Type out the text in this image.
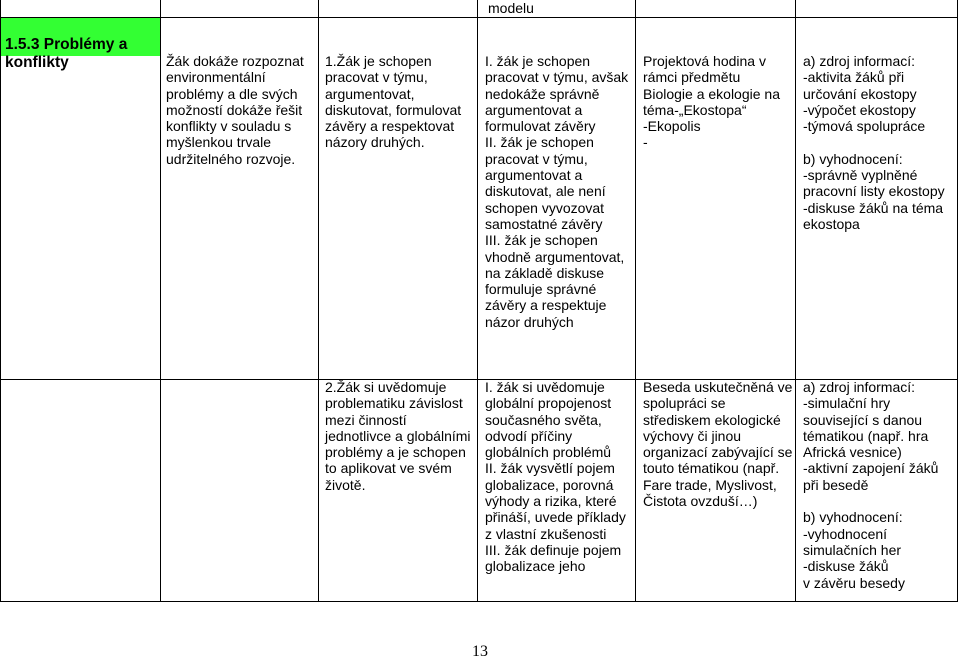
modelu

1.5.3 Problémy a konflikty	Žák dokáže rozpoznat environmentální problémy a dle svých možností dokáže řešit konflikty v souladu s myšlenkou trvale udržitelného rozvoje.
1.Žák je schopen pracovat v týmu, argumentovat, diskutovat, formulovat závěry a respektovat názory druhých.
I. žák je schopen pracovat v týmu, avšak nedokáže správně argumentovat a formulovat závěry
II. žák je schopen pracovat v týmu, argumentovat a diskutovat, ale není schopen vyvozovat samostatné závěry
III. žák je schopen vhodně argumentovat, na základě diskuse formuluje správné závěry a respektuje názor druhých
Projektová hodina v rámci předmětu Biologie a ekologie na téma-„Ekostopa“
-Ekopolis
-
a) zdroj informací:
-aktivita žáků při určování ekostopy
-výpočet ekostopy
-týmová spolupráce

b) vyhodnocení:
-správně vyplněné pracovní listy ekostopy
-diskuse žáků na téma ekostopa
2.Žák si uvědomuje problematiku závislost mezi činností jednotlivce a globálními problémy a je schopen to aplikovat ve svém životě.
I. žák si uvědomuje globální propojenost současného světa, odvodí příčiny globálních problémů
II. žák vysvětlí pojem globalizace, porovná výhody a rizika, které přináší, uvede příklady z vlastní zkušenosti
III. žák definuje pojem globalizace jeho
Beseda uskutečněná ve spolupráci se střediskem ekologické výchovy či jinou organizací zabývající se touto tématikou (např. Fare trade, Myslivost, Čistota ovzduší…)
a) zdroj informací:
-simulační hry související s danou tématikou (např. hra Africká vesnice)
-aktivní zapojení žáků při besedě

b) vyhodnocení:
-vyhodnocení simulačních her
-diskuse žáků
v závěru besedy
13
